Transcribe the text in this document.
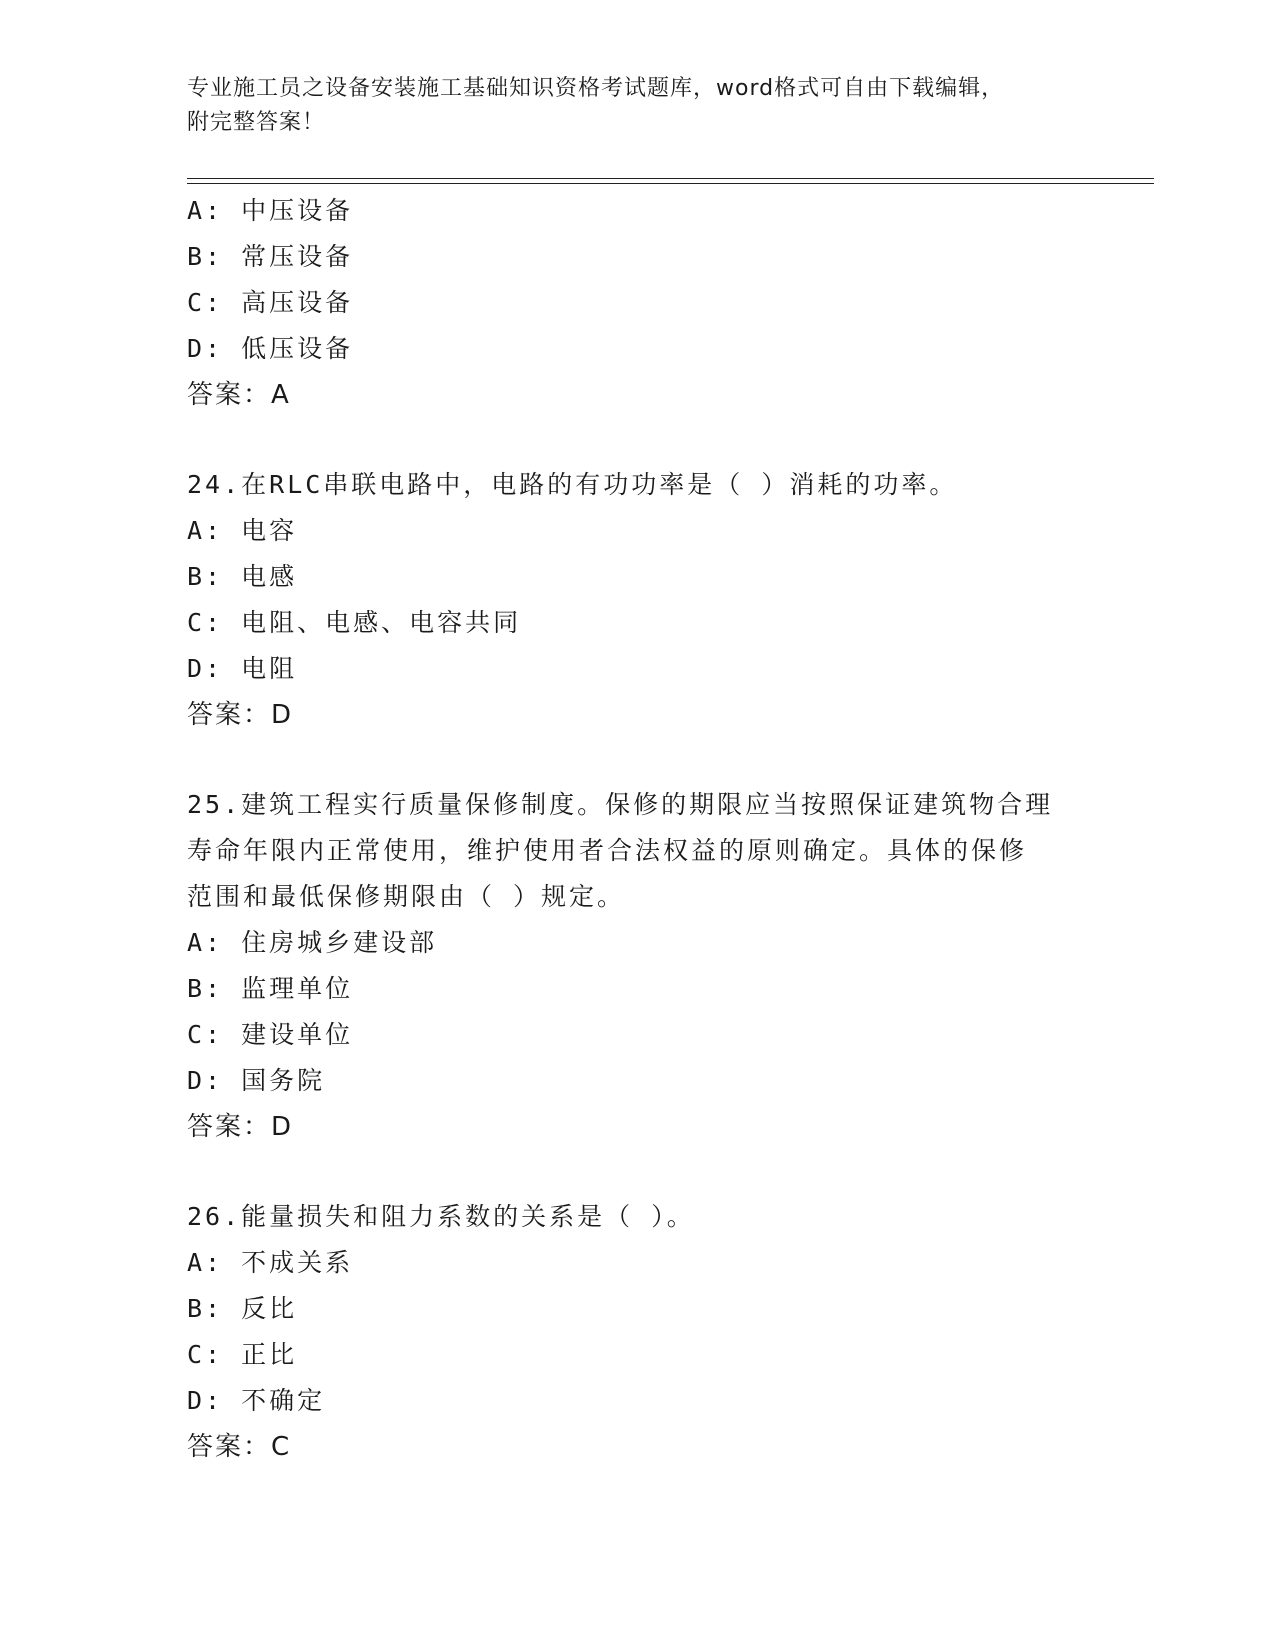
专业施工员之设备安装施工基础知识资格考试题库，word格式可自由下载编辑，
附完整答案！
A: 中压设备
B: 常压设备
C: 高压设备
D: 低压设备
答案：A
24.在RLC串联电路中，电路的有功功率是（ ）消耗的功率。
A: 电容
B: 电感
C: 电阻、电感、电容共同
D: 电阻
答案：D
25.建筑工程实行质量保修制度。保修的期限应当按照保证建筑物合理
寿命年限内正常使用，维护使用者合法权益的原则确定。具体的保修
范围和最低保修期限由（ ）规定。
A: 住房城乡建设部
B: 监理单位
C: 建设单位
D: 国务院
答案：D
26.能量损失和阻力系数的关系是（ ）。
A: 不成关系
B: 反比
C: 正比
D: 不确定
答案：C
